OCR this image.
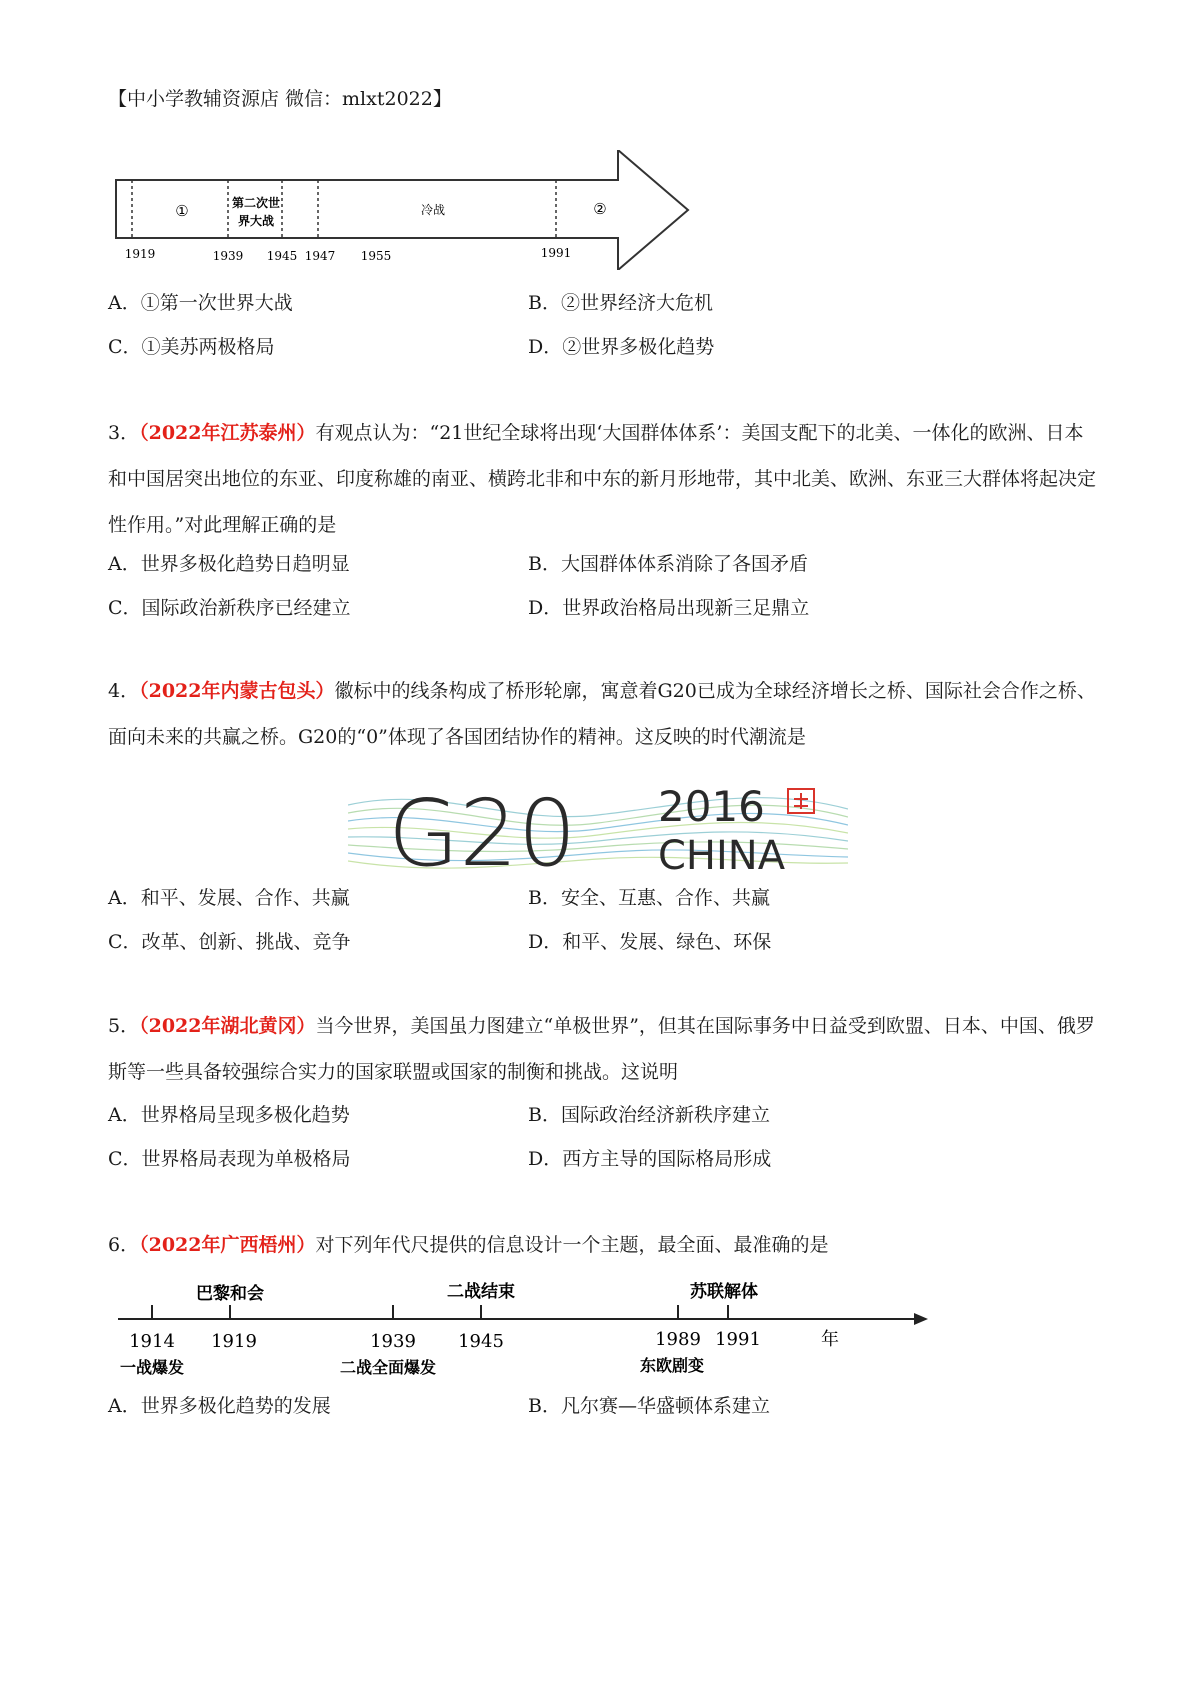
【中小学教辅资源店 微信：mlxt2022】
①	第二次世
界大战
冷战	②
1919	1939 1945 1947 1955	1991
A．①第一次世界大战	B．②世界经济大危机
C．①美苏两极格局	D．②世界多极化趋势
3．（2022年江苏泰州）有观点认为：“21世纪全球将出现‘大国群体体系’：美国支配下的北美、一体化的欧洲、日本和中国居突出地位的东亚、印度称雄的南亚、横跨北非和中东的新月形地带，其中北美、欧洲、东亚三大群体将起决定性作用。”对此理解正确的是
A．世界多极化趋势日趋明显	B．大国群体体系消除了各国矛盾
C．国际政治新秩序已经建立	D．世界政治格局出现新三足鼎立
4．（2022年内蒙古包头）徽标中的线条构成了桥形轮廓，寓意着G20已成为全球经济增长之桥、国际社会合作之桥、面向未来的共赢之桥。G20的“0”体现了各国团结协作的精神。这反映的时代潮流是
G20 2016
CHINA
A．和平、发展、合作、共赢	B．安全、互惠、合作、共赢
C．改革、创新、挑战、竞争	D．和平、发展、绿色、环保
5．（2022年湖北黄冈）当今世界，美国虽力图建立“单极世界”，但其在国际事务中日益受到欧盟、日本、中国、俄罗斯等一些具备较强综合实力的国家联盟或国家的制衡和挑战。这说明
A．世界格局呈现多极化趋势	B．国际政治经济新秩序建立
C．世界格局表现为单极格局	D．西方主导的国际格局形成
6．（2022年广西梧州）对下列年代尺提供的信息设计一个主题，最全面、最准确的是
巴黎和会	二战结束	苏联解体
1914 1919	1939 1945	1989 1991	年
一战爆发	二战全面爆发	东欧剧变
A．世界多极化趋势的发展	B．凡尔赛—华盛顿体系建立
